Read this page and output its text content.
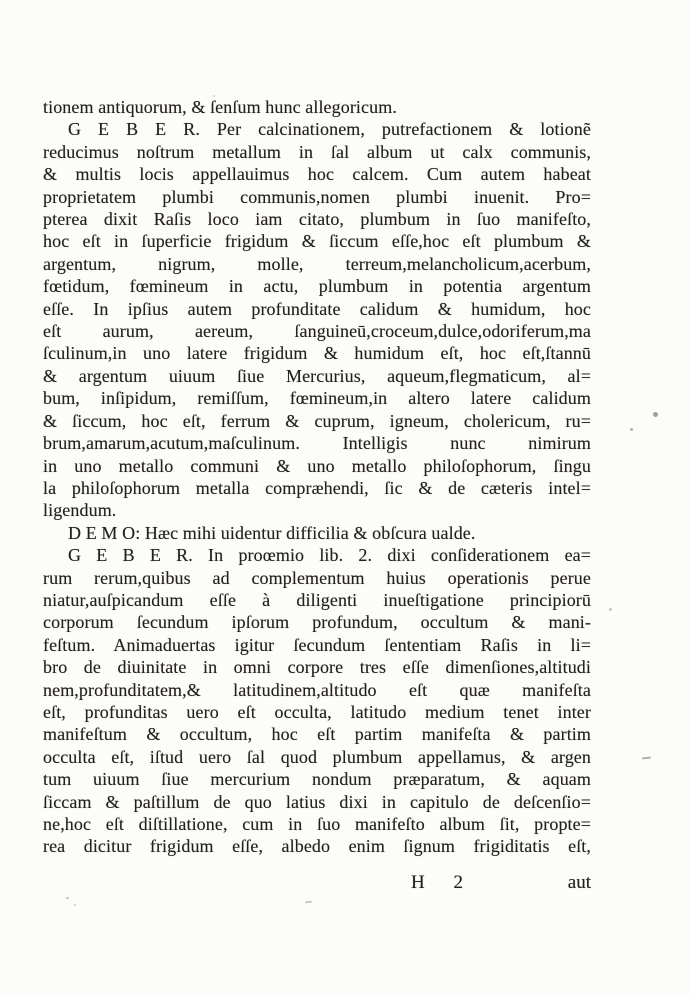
tionem antiquorum, & ſenſum hunc allegoricum.
G E B E R. Per calcinationem, putrefactionem & lotionẽ
reducimus noſtrum metallum in ſal album ut calx communis,
& multis locis appellauimus hoc calcem. Cum autem habeat
proprietatem plumbi communis,nomen plumbi inuenit. Pro=
pterea dixit Raſis loco iam citato, plumbum in ſuo manifeſto,
hoc eſt in ſuperficie frigidum & ſiccum eſſe,hoc eſt plumbum &
argentum, nigrum, molle, terreum,melancholicum,acerbum,
fœtidum, fœmineum in actu, plumbum in potentia argentum
eſſe. In ipſius autem profunditate calidum & humidum, hoc
eſt aurum, aereum, ſanguineū,croceum,dulce,odoriferum,ma
ſculinum,in uno latere frigidum & humidum eſt, hoc eſt,ſtannū
& argentum uiuum ſiue Mercurius, aqueum,flegmaticum, al=
bum, inſipidum, remiſſum, fœmineum,in altero latere calidum
& ſiccum, hoc eſt, ferrum & cuprum, igneum, cholericum, ru=
brum,amarum,acutum,maſculinum. Intelligis nunc nimirum
in uno metallo communi & uno metallo philoſophorum, ſingu
la philoſophorum metalla compræhendi, ſic & de cæteris intel=
ligendum.
D E M O: Hæc mihi uidentur difficilia & obſcura ualde.
G E B E R. In proœmio lib. 2. dixi conſiderationem ea=
rum rerum,quibus ad complementum huius operationis perue
niatur,auſpicandum eſſe à diligenti inueſtigatione principiorū
corporum ſecundum ipſorum profundum, occultum & mani-
feſtum. Animaduertas igitur ſecundum ſententiam Raſis in li=
bro de diuinitate in omni corpore tres eſſe dimenſiones,altitudi
nem,profunditatem,& latitudinem,altitudo eſt quæ manifeſta
eſt, profunditas uero eſt occulta, latitudo medium tenet inter
manifeſtum & occultum, hoc eſt partim manifeſta & partim
occulta eſt, iſtud uero ſal quod plumbum appellamus, & argen
tum uiuum ſiue mercurium nondum præparatum, & aquam
ſiccam & paſtillum de quo latius dixi in capitulo de deſcenſio=
ne,hoc eſt diſtillatione, cum in ſuo manifeſto album ſit, propte=
rea dicitur frigidum eſſe, albedo enim ſignum frigiditatis eſt,
H 2	aut
